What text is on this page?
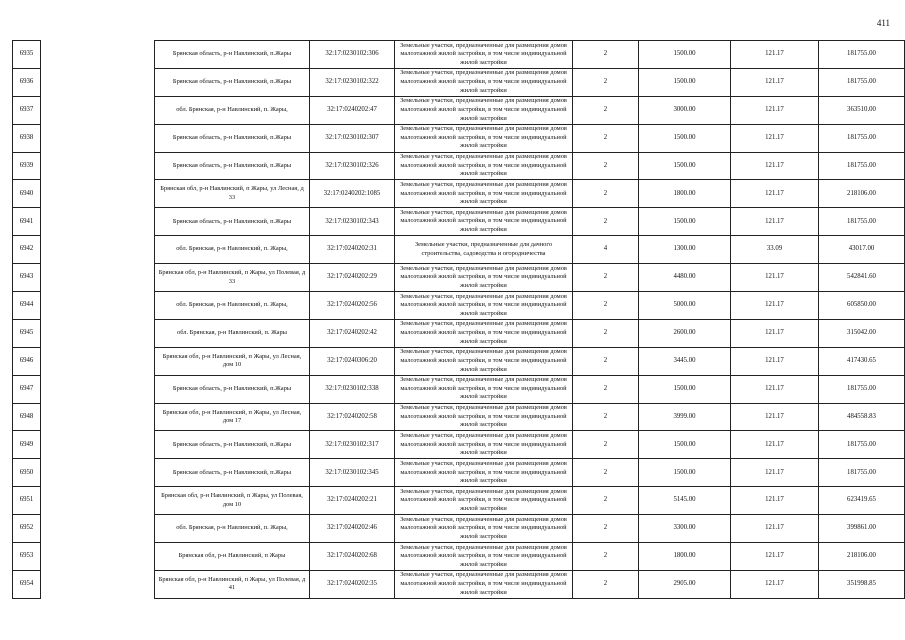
411
6935		Брянская область, р-н Навлинский, п.Жары	32:17:0230102:306	Земельные участки, предназначенные для размещения домов малоэтажной жилой застройки, в том числе индивидуальной жилой застройки	2	1500.00	121.17	181755.00
6936		Брянская область, р-н Навлинский, п.Жары	32:17:0230102:322	Земельные участки, предназначенные для размещения домов малоэтажной жилой застройки, в том числе индивидуальной жилой застройки	2	1500.00	121.17	181755.00
6937		обл. Брянская, р-н Навлинский, п. Жары,	32:17:0240202:47	Земельные участки, предназначенные для размещения домов малоэтажной жилой застройки, в том числе индивидуальной жилой застройки	2	3000.00	121.17	363510.00
6938		Брянская область, р-н Навлинский, п.Жары	32:17:0230102:307	Земельные участки, предназначенные для размещения домов малоэтажной жилой застройки, в том числе индивидуальной жилой застройки	2	1500.00	121.17	181755.00
6939		Брянская область, р-н Навлинский, п.Жары	32:17:0230102:326	Земельные участки, предназначенные для размещения домов малоэтажной жилой застройки, в том числе индивидуальной жилой застройки	2	1500.00	121.17	181755.00
6940		Брянская обл, р-н Навлинский, п Жары, ул Лесная, д 33	32:17:0240202:1085	Земельные участки, предназначенные для размещения домов малоэтажной жилой застройки, в том числе индивидуальной жилой застройки	2	1800.00	121.17	218106.00
6941		Брянская область, р-н Навлинский, п.Жары	32:17:0230102:343	Земельные участки, предназначенные для размещения домов малоэтажной жилой застройки, в том числе индивидуальной жилой застройки	2	1500.00	121.17	181755.00
6942		обл. Брянская, р-н Навлинский, п. Жары,	32:17:0240202:31	Земельные участки, предназначенные для дачного строительства, садоводства и огородничества	4	1300.00	33.09	43017.00
6943		Брянская обл, р-н Навлинский, п Жары, ул Полевая, д 33	32:17:0240202:29	Земельные участки, предназначенные для размещения домов малоэтажной жилой застройки, в том числе индивидуальной жилой застройки	2	4480.00	121.17	542841.60
6944		обл. Брянская, р-н Навлинский, п. Жары,	32:17:0240202:56	Земельные участки, предназначенные для размещения домов малоэтажной жилой застройки, в том числе индивидуальной жилой застройки	2	5000.00	121.17	605850.00
6945		обл. Брянская, р-н Навлинский, п. Жары	32:17:0240202:42	Земельные участки, предназначенные для размещения домов малоэтажной жилой застройки, в том числе индивидуальной жилой застройки	2	2600.00	121.17	315042.00
6946		Брянская обл, р-н Навлинский, п Жары, ул Лесная, дом 10	32:17:0240306:20	Земельные участки, предназначенные для размещения домов малоэтажной жилой застройки, в том числе индивидуальной жилой застройки	2	3445.00	121.17	417430.65
6947		Брянская область, р-н Навлинский, п.Жары	32:17:0230102:338	Земельные участки, предназначенные для размещения домов малоэтажной жилой застройки, в том числе индивидуальной жилой застройки	2	1500.00	121.17	181755.00
6948		Брянская обл, р-н Навлинский, п Жары, ул Лесная, дом 17	32:17:0240202:58	Земельные участки, предназначенные для размещения домов малоэтажной жилой застройки, в том числе индивидуальной жилой застройки	2	3999.00	121.17	484558.83
6949		Брянская область, р-н Навлинский, п.Жары	32:17:0230102:317	Земельные участки, предназначенные для размещения домов малоэтажной жилой застройки, в том числе индивидуальной жилой застройки	2	1500.00	121.17	181755.00
6950		Брянская область, р-н Навлинский, п.Жары	32:17:0230102:345	Земельные участки, предназначенные для размещения домов малоэтажной жилой застройки, в том числе индивидуальной жилой застройки	2	1500.00	121.17	181755.00
6951		Брянская обл, р-н Навлинский, п Жары, ул Полевая, дом 10	32:17:0240202:21	Земельные участки, предназначенные для размещения домов малоэтажной жилой застройки, в том числе индивидуальной жилой застройки	2	5145.00	121.17	623419.65
6952		обл. Брянская, р-н Навлинский, п. Жары,	32:17:0240202:46	Земельные участки, предназначенные для размещения домов малоэтажной жилой застройки, в том числе индивидуальной жилой застройки	2	3300.00	121.17	399861.00
6953		Брянская обл, р-н Навлинский, п Жары	32:17:0240202:68	Земельные участки, предназначенные для размещения домов малоэтажной жилой застройки, в том числе индивидуальной жилой застройки	2	1800.00	121.17	218106.00
6954		Брянская обл, р-н Навлинский, п Жары, ул Полевая, д 41	32:17:0240202:35	Земельные участки, предназначенные для размещения домов малоэтажной жилой застройки, в том числе индивидуальной жилой застройки	2	2905.00	121.17	351998.85
